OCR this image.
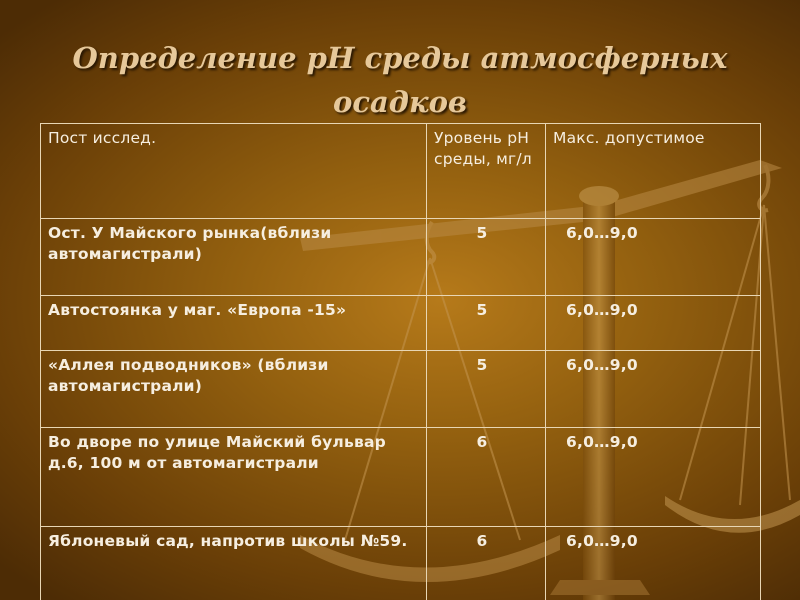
Определение pH среды атмосферных
осадков
Пост исслед.	Уровень pH среды, мг/л	Макс. допустимое
Ост. У Майского рынка(вблизи автомагистрали)	5	6,0…9,0
Автостоянка у маг. «Европа -15»	5	6,0…9,0
«Аллея подводников» (вблизи автомагистрали)	5	6,0…9,0
Во дворе по улице Майский бульвар д.6, 100 м от автомагистрали	6	6,0…9,0
Яблоневый сад, напротив школы №59.	6	6,0…9,0
